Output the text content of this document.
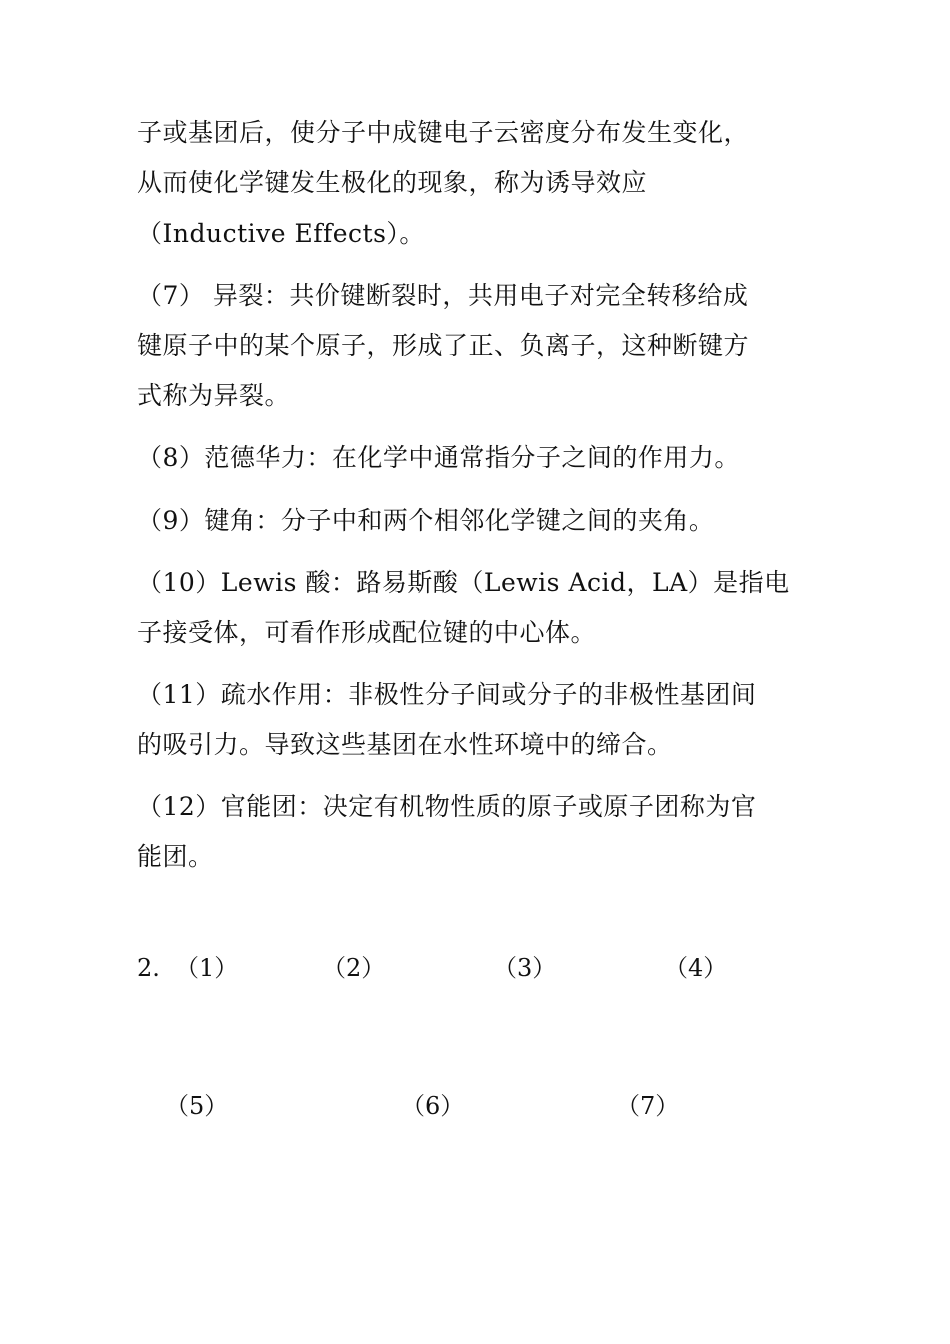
子或基团后，使分子中成键电子云密度分布发生变化，
从而使化学键发生极化的现象，称为诱导效应
（Inductive Effects）。
（7） 异裂：共价键断裂时，共用电子对完全转移给成
键原子中的某个原子，形成了正、负离子，这种断键方
式称为异裂。
（8）范德华力：在化学中通常指分子之间的作用力。
（9）键角：分子中和两个相邻化学键之间的夹角。
（10）Lewis 酸：路易斯酸（Lewis Acid，LA）是指电
子接受体，可看作形成配位键的中心体。
（11）疏水作用：非极性分子间或分子的非极性基团间
的吸引力。导致这些基团在水性环境中的缔合。
（12）官能团：决定有机物性质的原子或原子团称为官
能团。
2. （1）	（2）	（3）	（4）
（5）	（6）	（7）
